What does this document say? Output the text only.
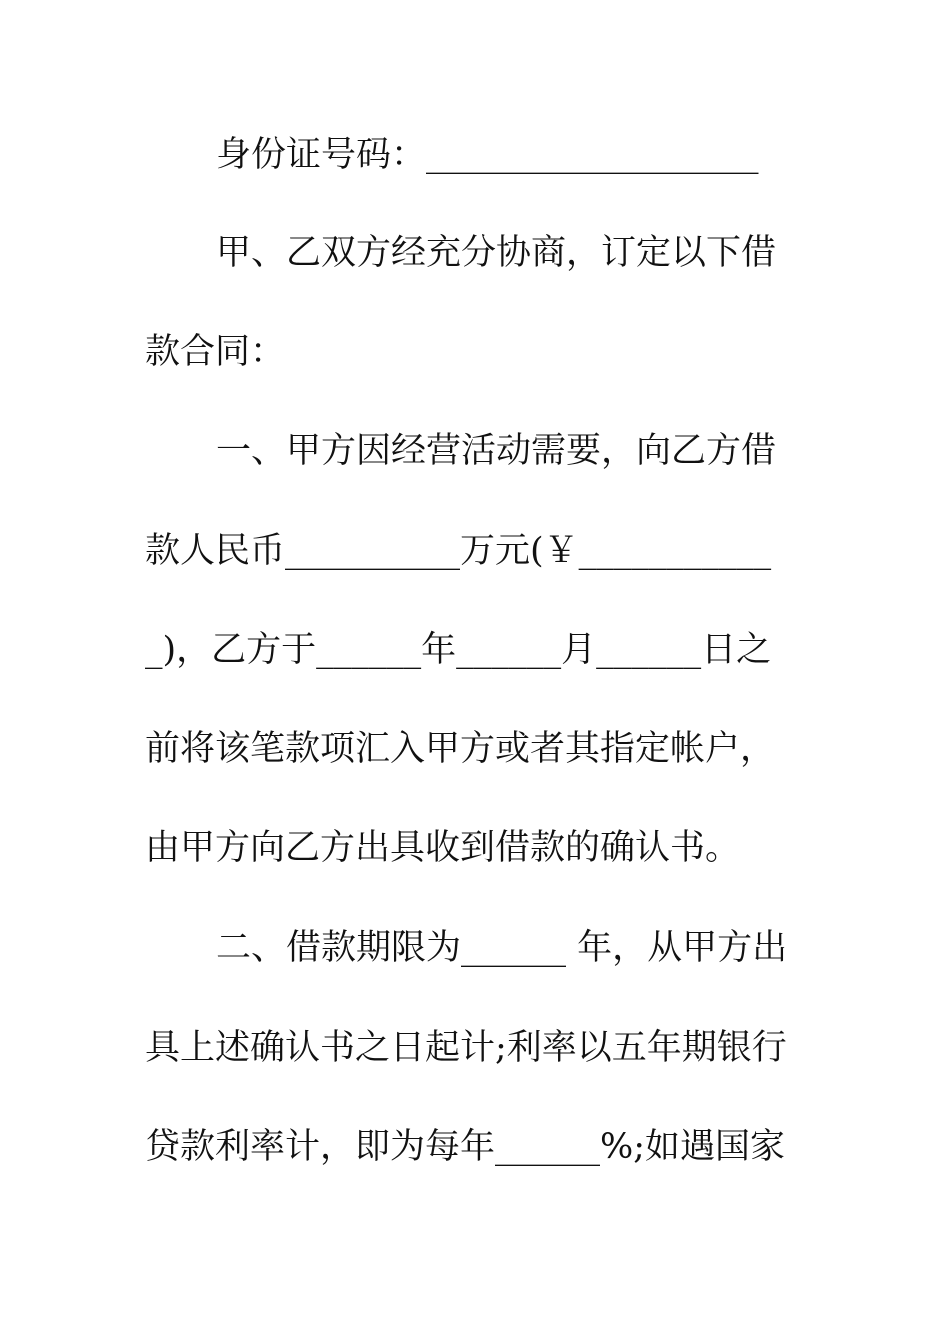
身份证号码：___________________
甲、乙双方经充分协商，订定以下借
款合同：
一、甲方因经营活动需要，向乙方借
款人民币__________万元(￥___________
_)，乙方于______年______月______日之
前将该笔款项汇入甲方或者其指定帐户，
由甲方向乙方出具收到借款的确认书。
二、借款期限为______ 年，从甲方出
具上述确认书之日起计;利率以五年期银行
贷款利率计，即为每年______%;如遇国家
